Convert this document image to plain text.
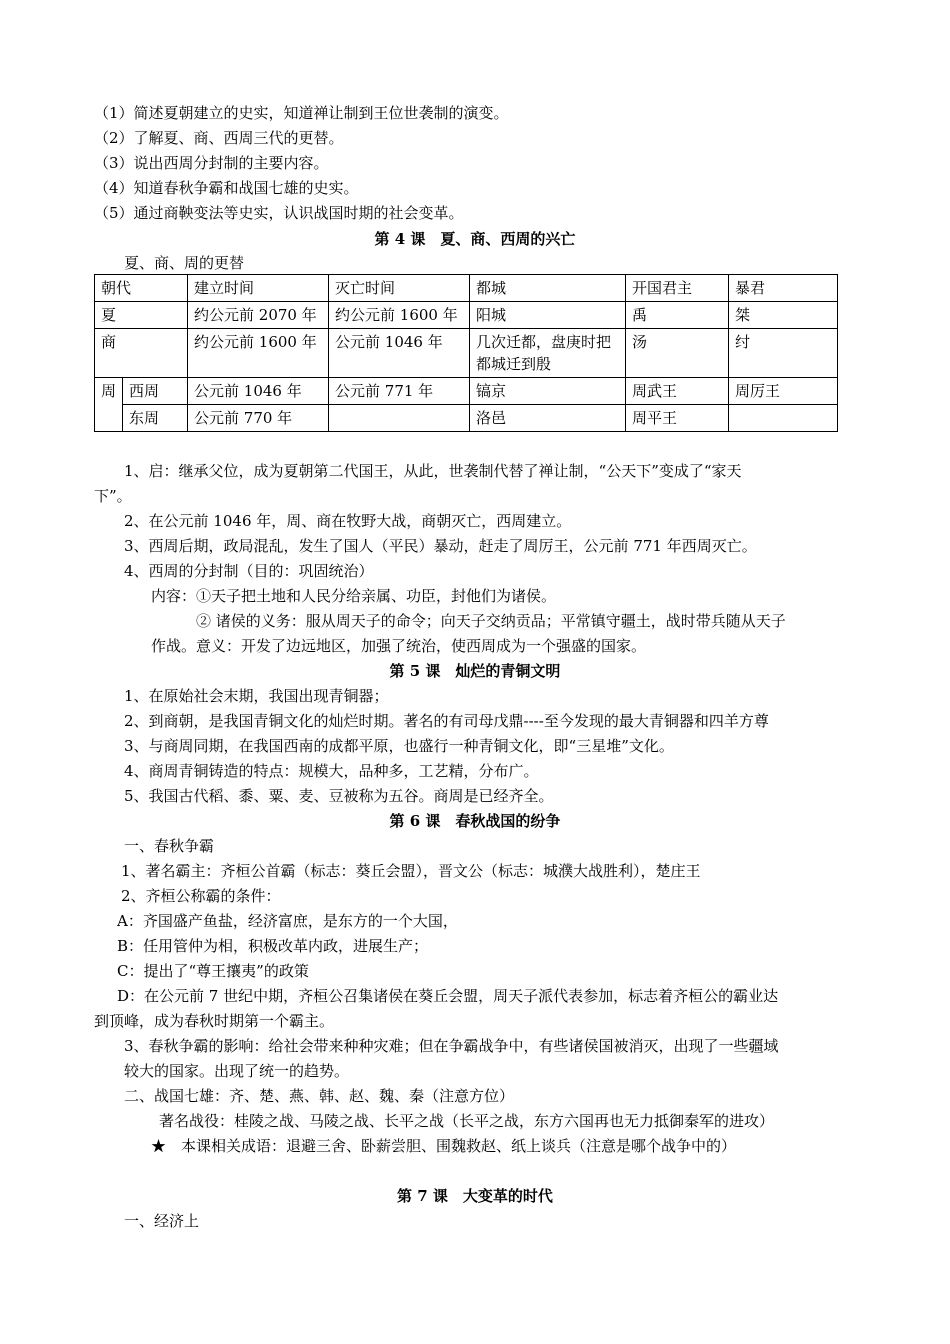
（1）简述夏朝建立的史实，知道禅让制到王位世袭制的演变。
（2）了解夏、商、西周三代的更替。
（3）说出西周分封制的主要内容。
（4）知道春秋争霸和战国七雄的史实。
（5）通过商鞅变法等史实，认识战国时期的社会变革。
第 4 课　夏、商、西周的兴亡
夏、商、周的更替
朝代		建立时间	灭亡时间	都城	开国君主	暴君
夏		约公元前 2070 年	约公元前 1600 年	阳城	禹	桀
商		约公元前 1600 年	公元前 1046 年	几次迁都，盘庚时把都城迁到殷	汤	纣
周	西周	公元前 1046 年	公元前 771 年	镐京	周武王	周厉王
	东周	公元前 770 年		洛邑	周平王	
1、启：继承父位，成为夏朝第二代国王，从此，世袭制代替了禅让制，“公天下”变成了“家天
下”。
2、在公元前 1046 年，周、商在牧野大战，商朝灭亡，西周建立。
3、西周后期，政局混乱，发生了国人（平民）暴动，赶走了周厉王，公元前 771 年西周灭亡。
4、西周的分封制（目的：巩固统治）
内容：①天子把土地和人民分给亲属、功臣，封他们为诸侯。
② 诸侯的义务：服从周天子的命令；向天子交纳贡品；平常镇守疆土，战时带兵随从天子
作战。意义：开发了边远地区，加强了统治，使西周成为一个强盛的国家。
第 5 课　灿烂的青铜文明
1、在原始社会末期，我国出现青铜器；
2、到商朝，是我国青铜文化的灿烂时期。著名的有司母戊鼎----至今发现的最大青铜器和四羊方尊
3、与商周同期，在我国西南的成都平原，也盛行一种青铜文化，即“三星堆”文化。
4、商周青铜铸造的特点：规模大，品种多，工艺精，分布广。
5、我国古代稻、黍、粟、麦、豆被称为五谷。商周是已经齐全。
第 6 课　春秋战国的纷争
一、春秋争霸
1、著名霸主：齐桓公首霸（标志：葵丘会盟），晋文公（标志：城濮大战胜利），楚庄王
2、齐桓公称霸的条件：
A：齐国盛产鱼盐，经济富庶，是东方的一个大国，
B：任用管仲为相，积极改革内政，进展生产；
C：提出了“尊王攘夷”的政策
D：在公元前 7 世纪中期，齐桓公召集诸侯在葵丘会盟，周天子派代表参加，标志着齐桓公的霸业达
到顶峰，成为春秋时期第一个霸主。
3、春秋争霸的影响：给社会带来种种灾难；但在争霸战争中，有些诸侯国被消灭，出现了一些疆域
较大的国家。出现了统一的趋势。
二、战国七雄：齐、楚、燕、韩、赵、魏、秦（注意方位）
著名战役：桂陵之战、马陵之战、长平之战（长平之战，东方六国再也无力抵御秦军的进攻）
★　本课相关成语：退避三舍、卧薪尝胆、围魏救赵、纸上谈兵（注意是哪个战争中的）
第 7 课　大变革的时代
一、经济上
